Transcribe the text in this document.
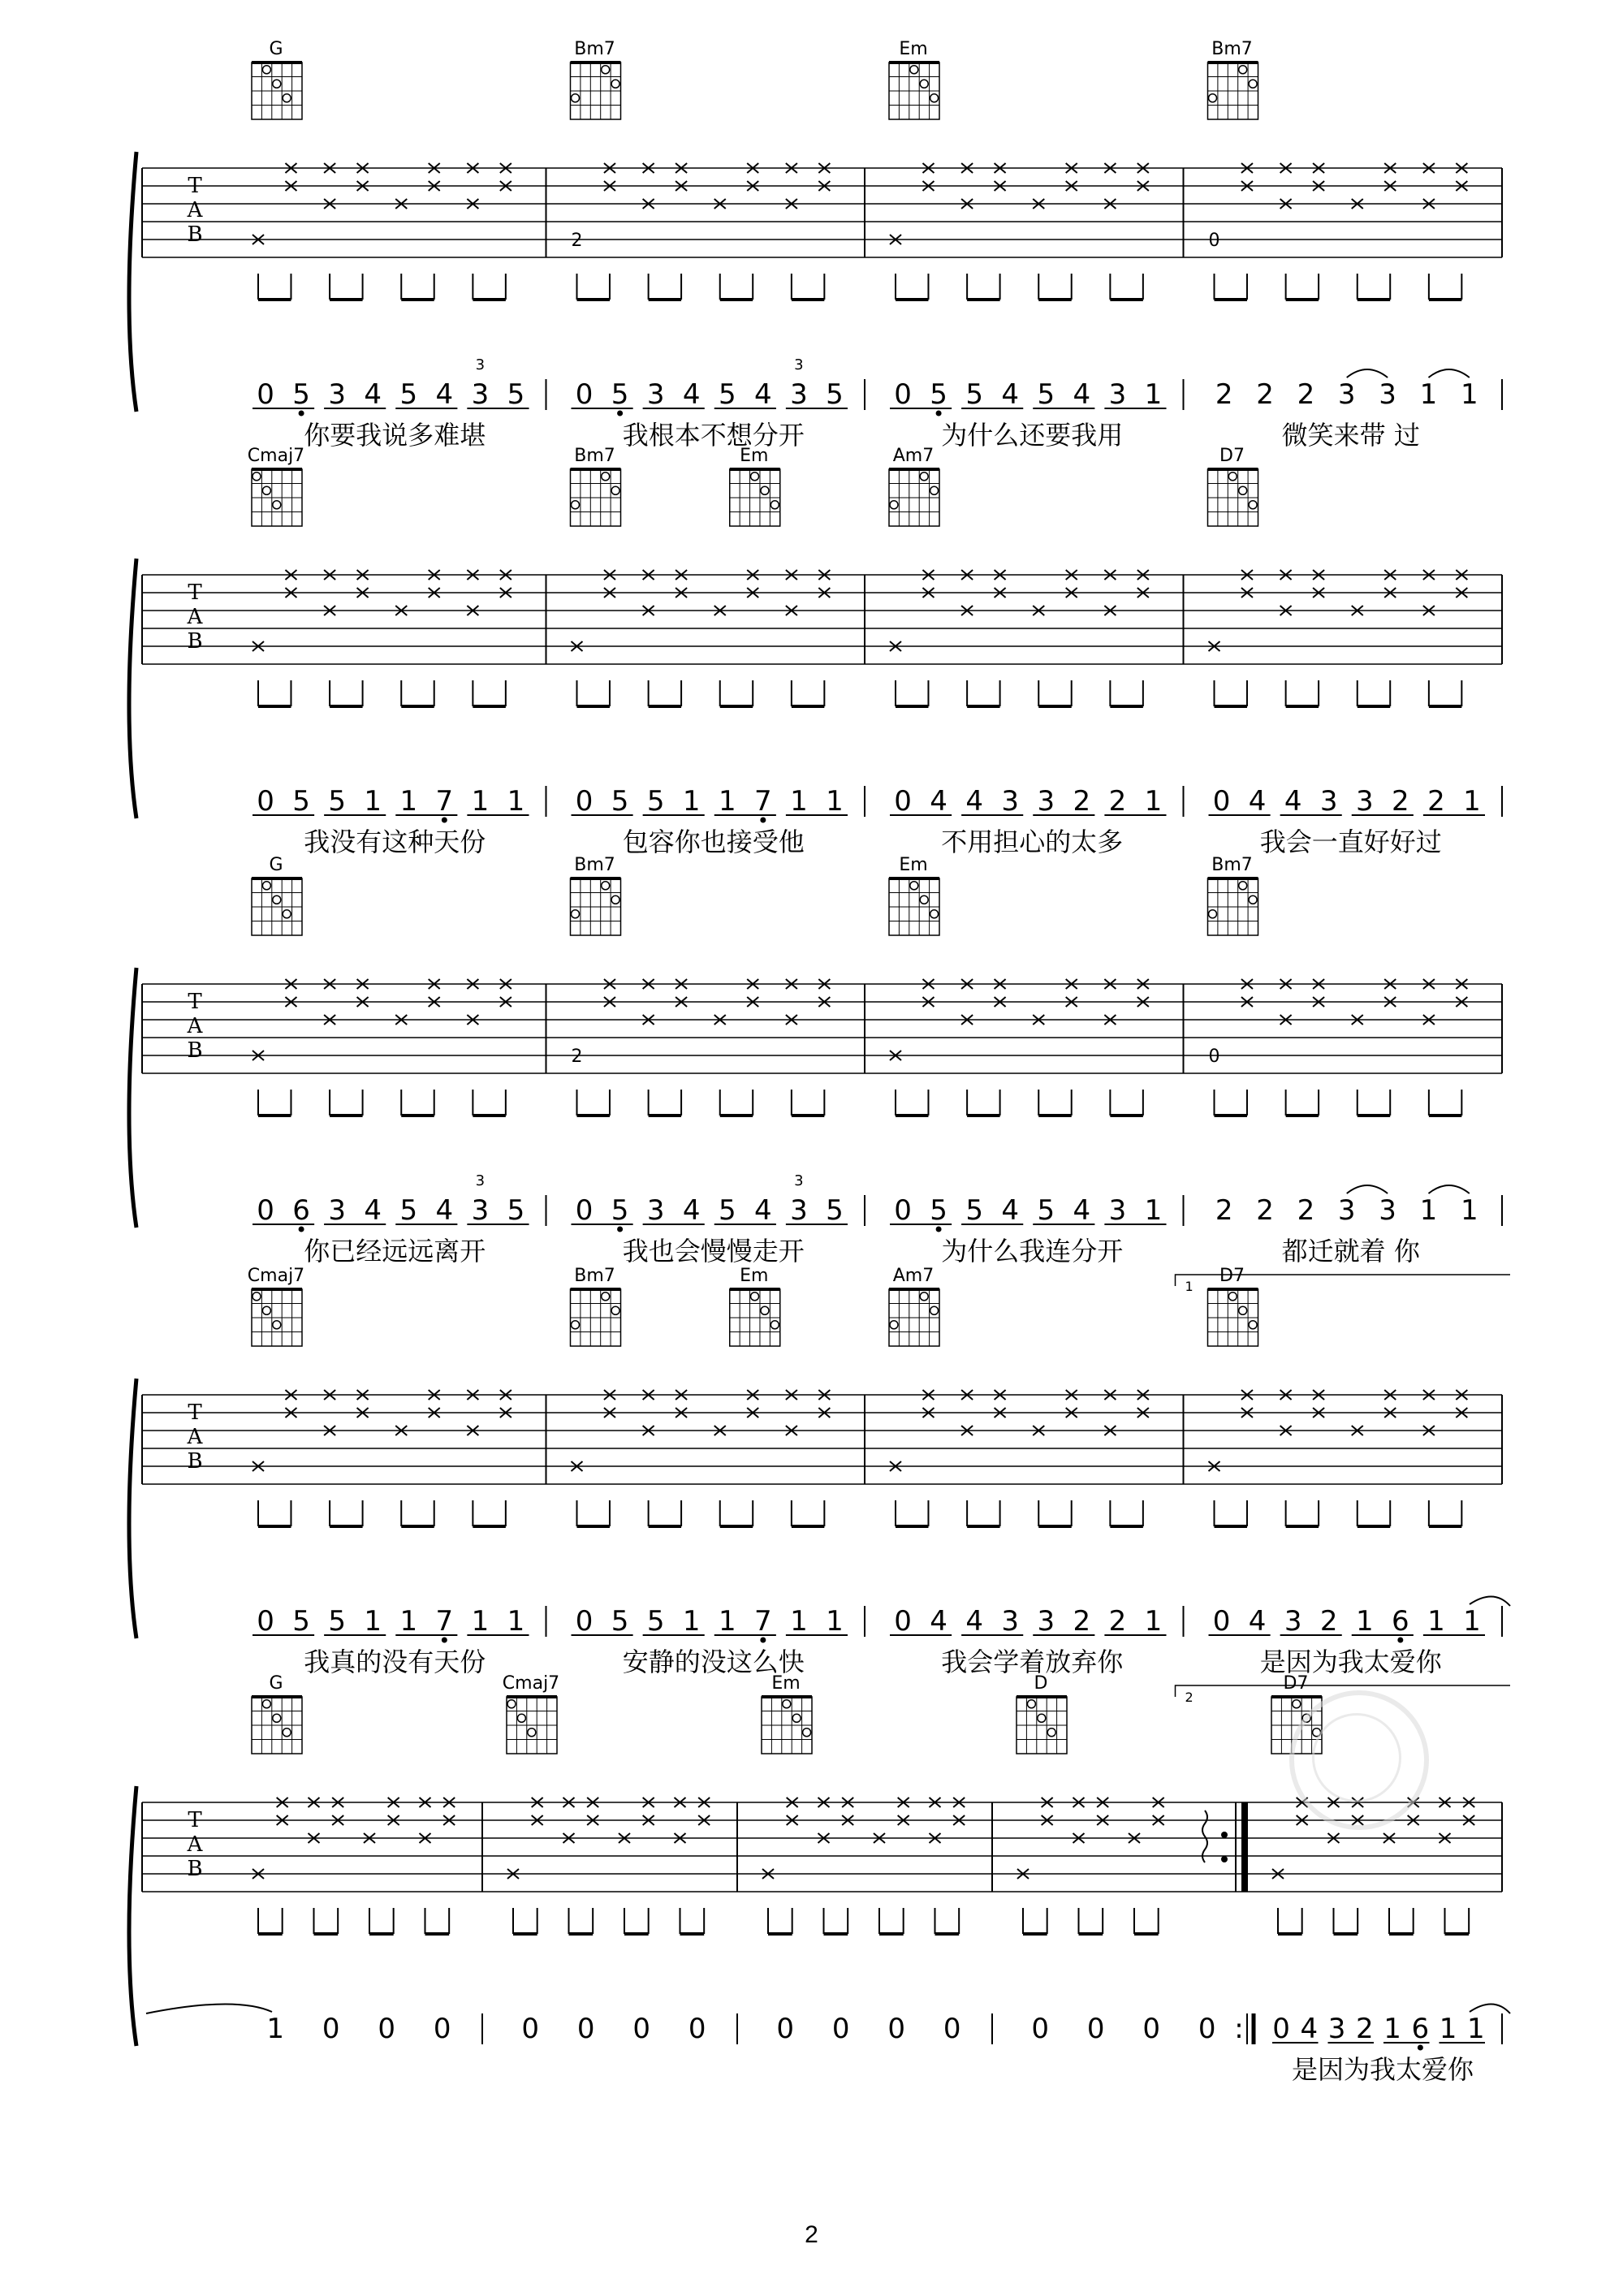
T
A
B
G
0 5 3 4 5 4 3 5
3
你要我说多难堪
Bm7
2
0 5 3 4 5 4 3 5
3
我根本不想分开
Em
0 5 5 4 5 4 3 1
为什么还要我用
Bm7
0
2 2 2 3 3 1 1
微笑来带 过
T
A
B
Cmaj7
0 5 5 1 1 7 1 1
我没有这种天份
Bm7	Em
0 5 5 1 1 7 1 1
包容你也接受他
Am7
0 4 4 3 3 2 2 1
不用担心的太多
D7
0 4 4 3 3 2 2 1
我会一直好好过
T
A
B
G
0 6 3 4 5 4 3 5
3
你已经远远离开
Bm7
2
0 5 3 4 5 4 3 5
3
我也会慢慢走开
Em
0 5 5 4 5 4 3 1
为什么我连分开
Bm7
0
2 2 2 3 3 1 1
都迁就着 你
1
T
A
B
Cmaj7
0 5 5 1 1 7 1 1
我真的没有天份
Bm7	Em
0 5 5 1 1 7 1 1
安静的没这么快
Am7
0 4 4 3 3 2 2 1
我会学着放弃你
D7
0 4 3 2 1 6 1 1
是因为我太爱你
2
T
A
B
G
1 0 0 0
Cmaj7
0 0 0 0
Em
0 0 0 0
D
0 0 0 0 :
D7
0 4 3 2 1 6 1 1
是因为我太爱你
2
